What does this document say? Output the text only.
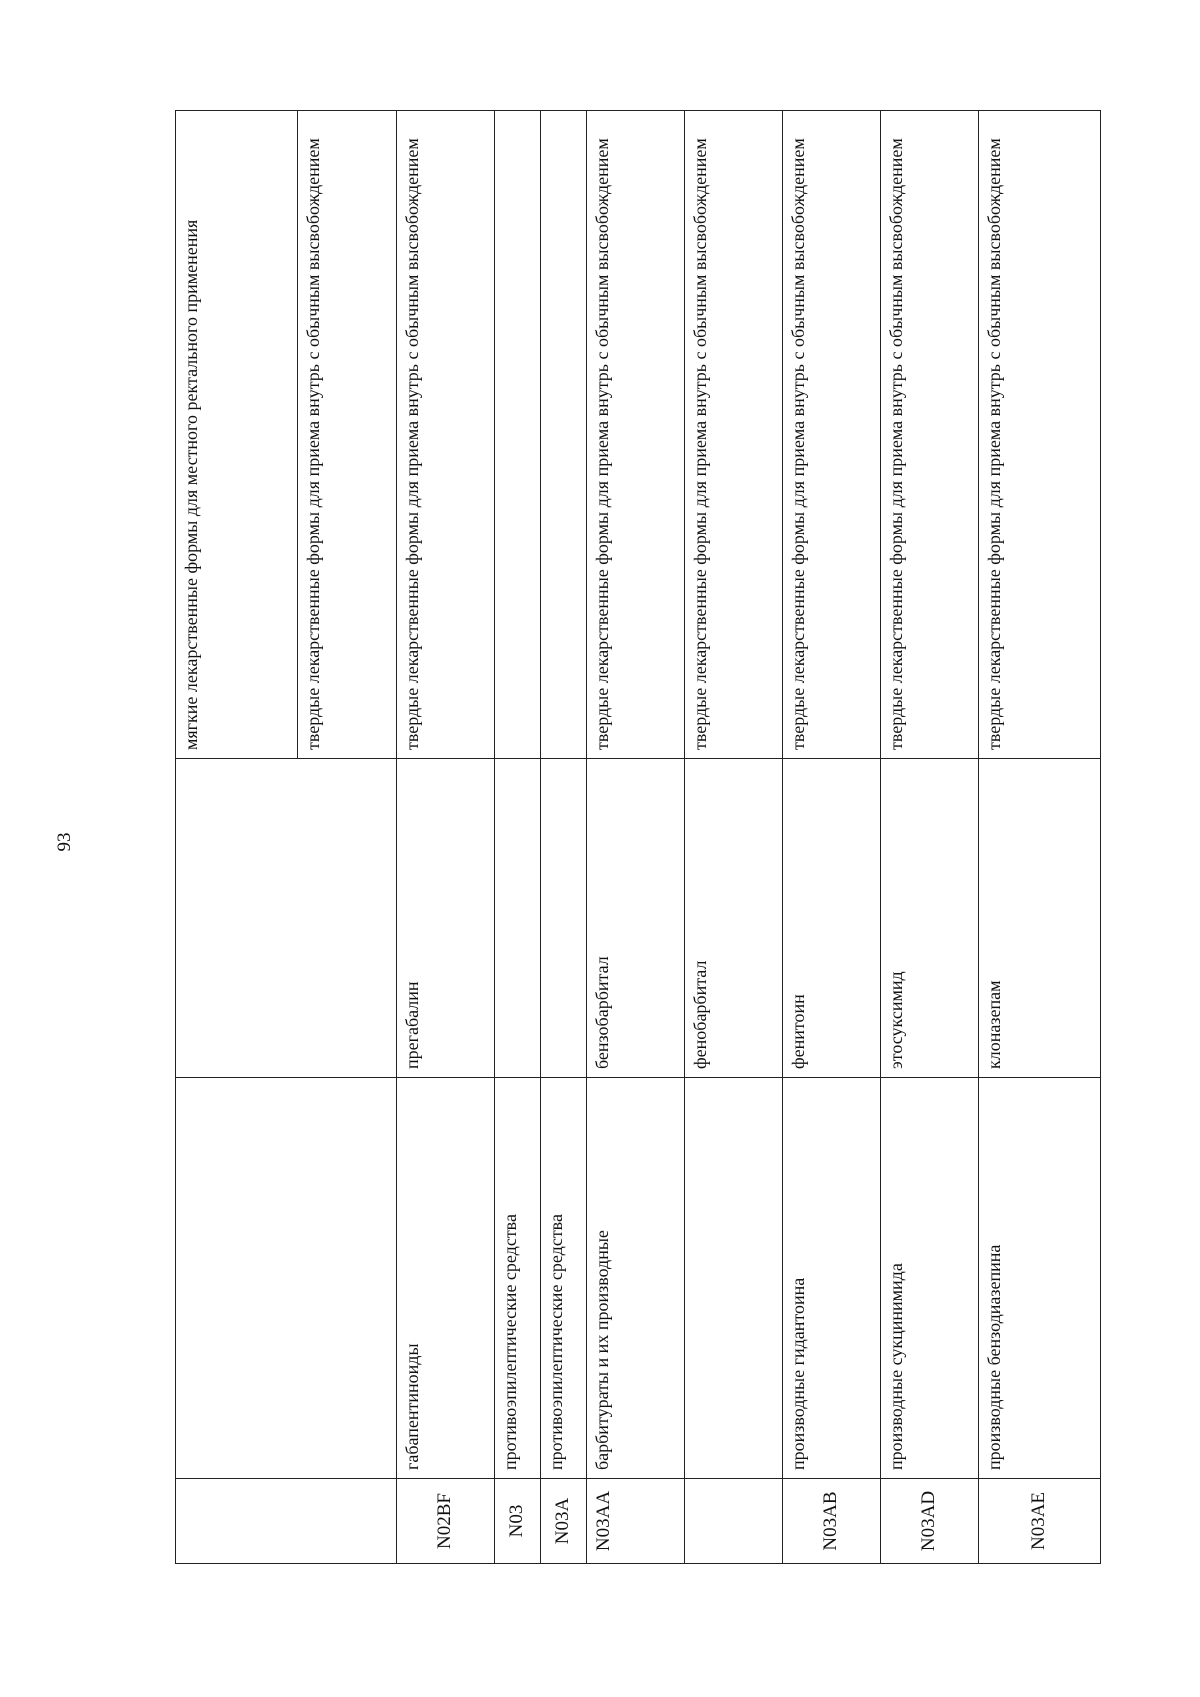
93
			мягкие лекарственные формы для местного ректального применения
			твердые лекарственные формы для приема внутрь с обычным высвобождением
N02BF	габапентиноиды	прегабалин	твердые лекарственные формы для приема внутрь с обычным высвобождением
N03	противоэпилептические средства		
N03A	противоэпилептические средства		
N03AA	барбитураты и их производные	бензобарбитал	твердые лекарственные формы для приема внутрь с обычным высвобождением
		фенобарбитал	твердые лекарственные формы для приема внутрь с обычным высвобождением
N03AB	производные гидантоина	фенитоин	твердые лекарственные формы для приема внутрь с обычным высвобождением
N03AD	производные сукцинимида	этосуксимид	твердые лекарственные формы для приема внутрь с обычным высвобождением
N03AE	производные бензодиазепина	клоназепам	твердые лекарственные формы для приема внутрь с обычным высвобождением
